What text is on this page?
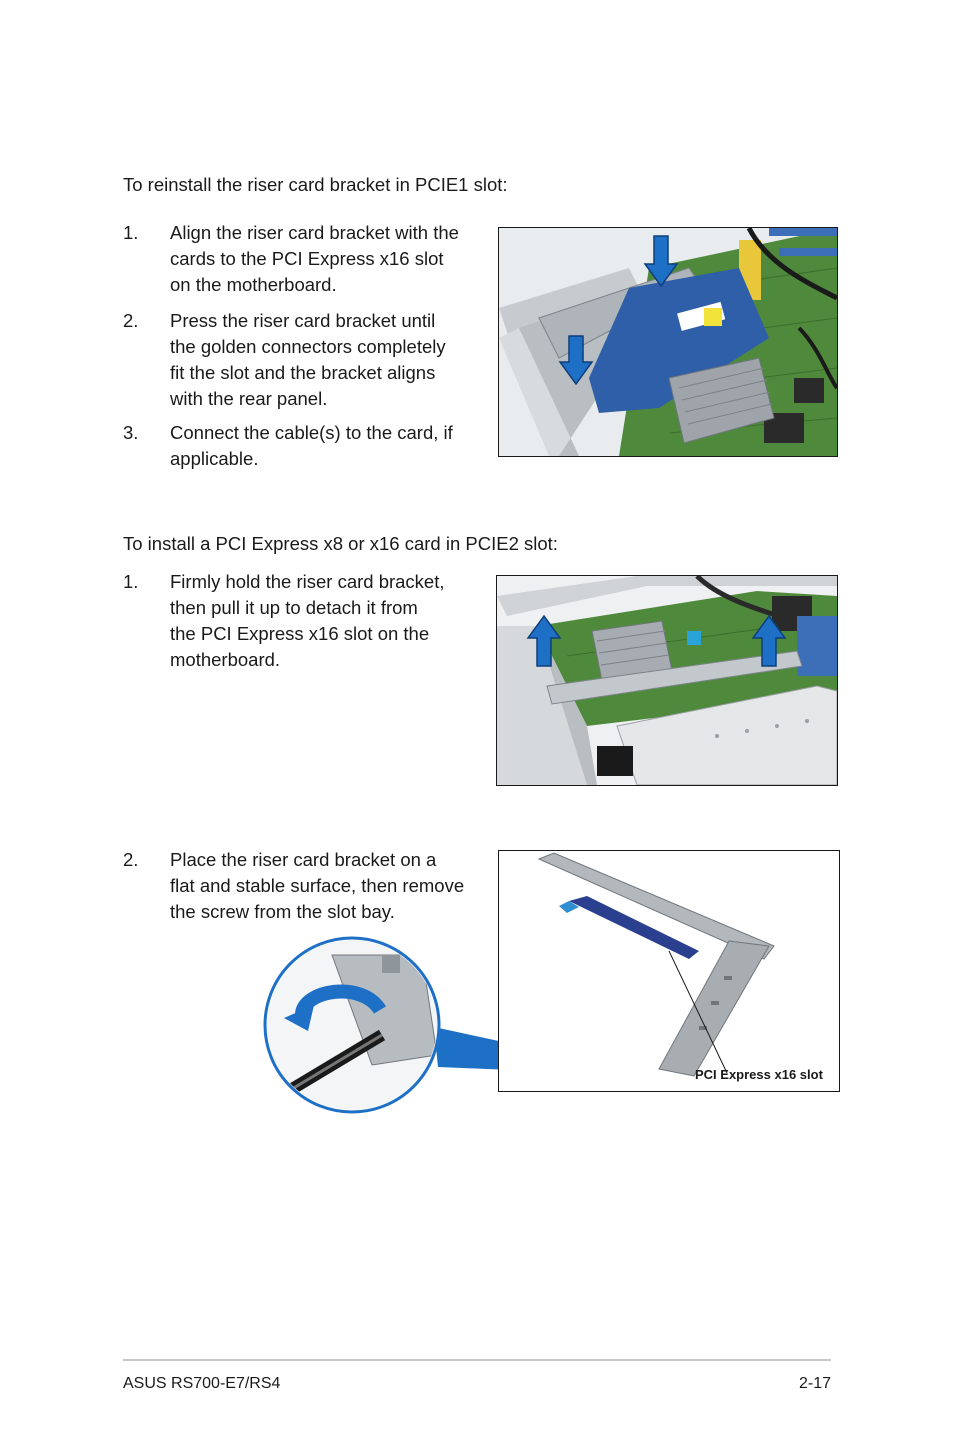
To reinstall the riser card bracket in PCIE1 slot:
1. Align the riser card bracket with the
cards to the PCI Express x16 slot
on the motherboard.
2. Press the riser card bracket until
the golden connectors completely
fit the slot and the bracket aligns
with the rear panel.
3. Connect the cable(s) to the card, if
applicable.
To install a PCI Express x8 or x16 card in PCIE2 slot:
1. Firmly hold the riser card bracket,
then pull it up to detach it from
the PCI Express x16 slot on the
motherboard.
2. Place the riser card bracket on a
flat and stable surface, then remove
the screw from the slot bay.
PCI Express x16 slot
ASUS RS700-E7/RS4	2-17
